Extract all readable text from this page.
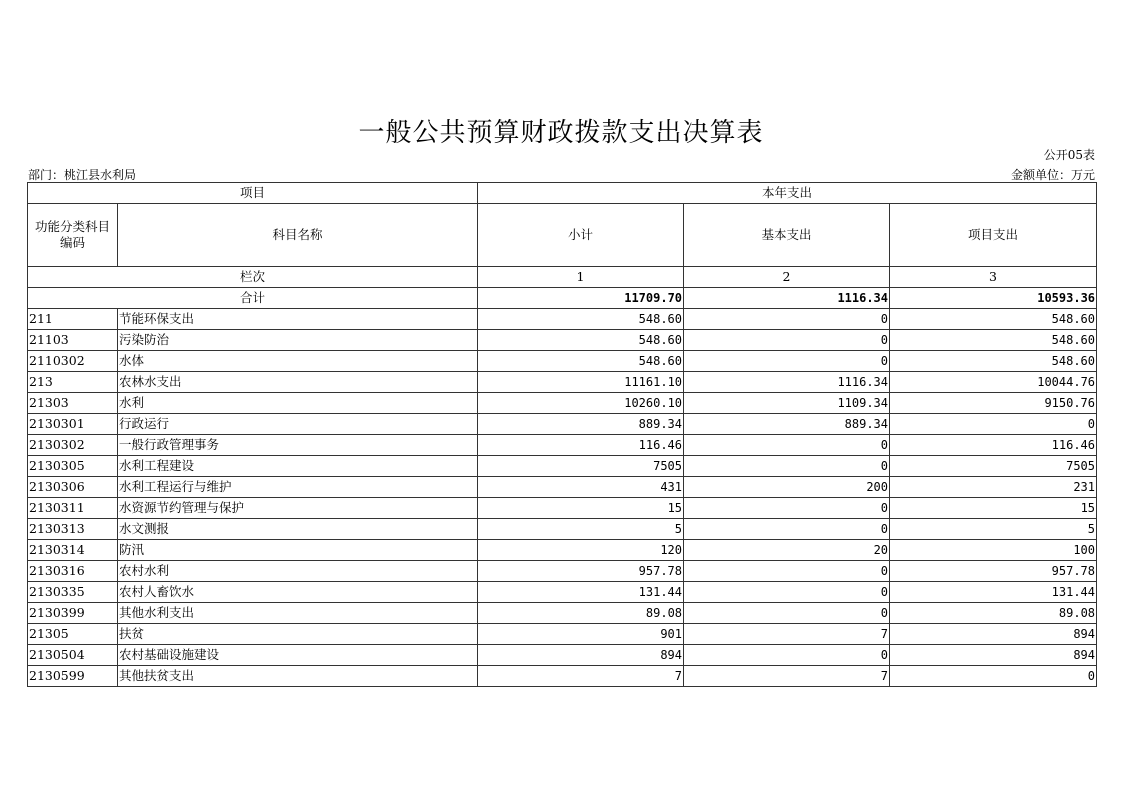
一般公共预算财政拨款支出决算表
公开05表
部门：桃江县水利局	金额单位：万元
项目		本年支出		
功能分类科目编码	科目名称	小计	基本支出	项目支出
栏次		1	2	3
合计		11709.70	1116.34	10593.36
211	节能环保支出	548.60	0	548.60
21103	污染防治	548.60	0	548.60
2110302	水体	548.60	0	548.60
213	农林水支出	11161.10	1116.34	10044.76
21303	水利	10260.10	1109.34	9150.76
2130301	行政运行	889.34	889.34	0
2130302	一般行政管理事务	116.46	0	116.46
2130305	水利工程建设	7505	0	7505
2130306	水利工程运行与维护	431	200	231
2130311	水资源节约管理与保护	15	0	15
2130313	水文测报	5	0	5
2130314	防汛	120	20	100
2130316	农村水利	957.78	0	957.78
2130335	农村人畜饮水	131.44	0	131.44
2130399	其他水利支出	89.08	0	89.08
21305	扶贫	901	7	894
2130504	农村基础设施建设	894	0	894
2130599	其他扶贫支出	7	7	0
